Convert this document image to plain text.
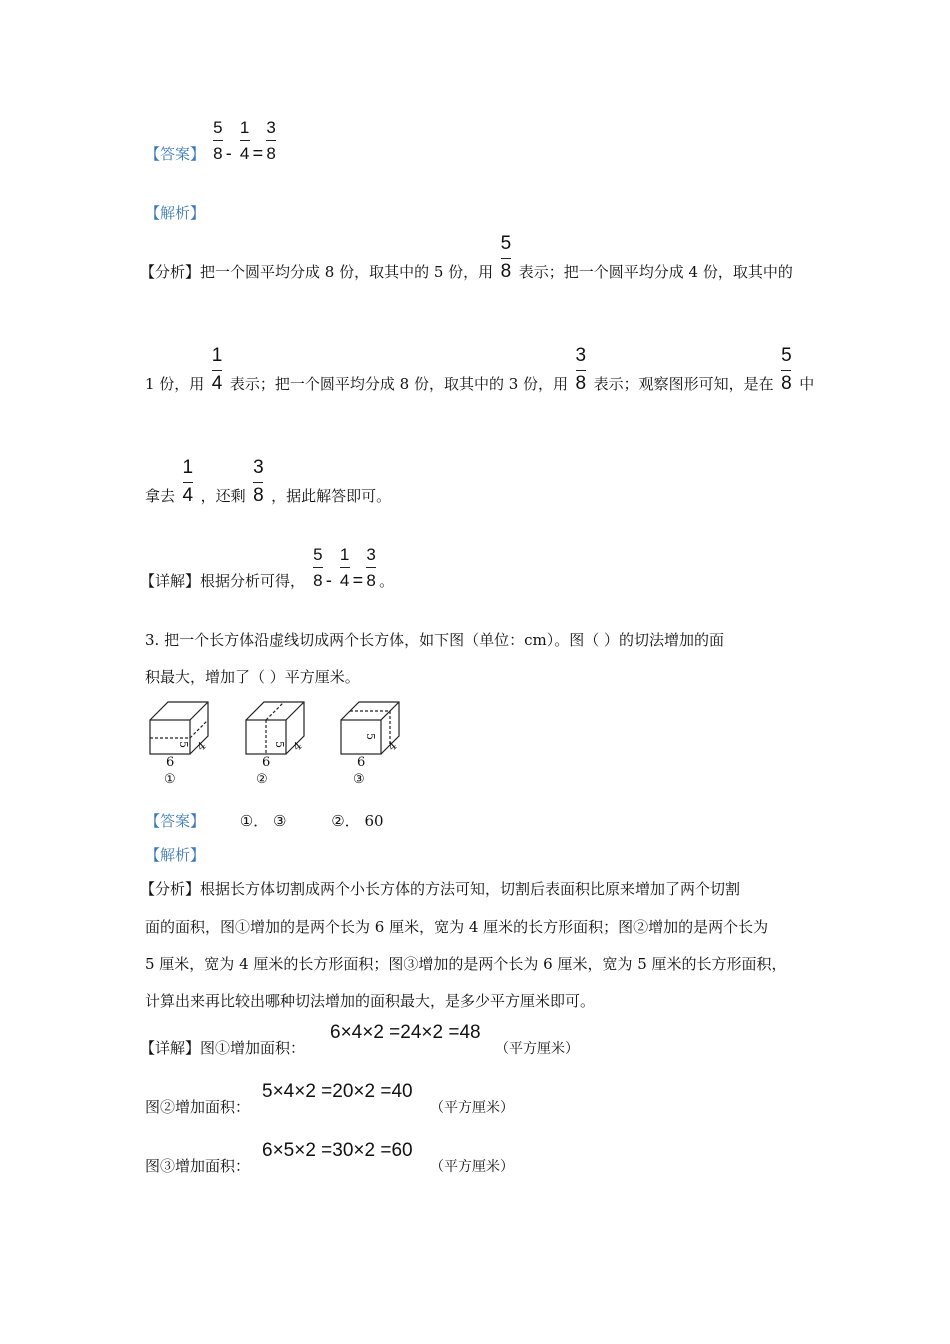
【答案】 $\frac{5}{8} - \frac{1}{4} = \frac{3}{8}$
【解析】
【分析】把一个圆平均分成 8 份，取其中的 5 份，用 $\frac{5}{8}$ 表示；把一个圆平均分成 4 份，取其中的
1 份，用 $\frac{1}{4}$ 表示；把一个圆平均分成 8 份，取其中的 3 份，用 $\frac{3}{8}$ 表示；观察图形可知，是在 $\frac{5}{8}$ 中
拿去 $\frac{1}{4}$ ，还剩 $\frac{3}{8}$ ，据此解答即可。
【详解】根据分析可得， $\frac{5}{8} - \frac{1}{4} = \frac{3}{8}$ 。
3. 把一个长方体沿虚线切成两个长方体，如下图（单位：cm）。图（ ）的切法增加的面
积最大，增加了（ ）平方厘米。
5 4
6
①
5 4
6
②
5
4
6
③
【答案】 ①． ③	②． 60
【解析】
【分析】根据长方体切割成两个小长方体的方法可知，切割后表面积比原来增加了两个切割
面的面积，图①增加的是两个长为 6 厘米，宽为 4 厘米的长方形面积；图②增加的是两个长为
5 厘米，宽为 4 厘米的长方形面积；图③增加的是两个长为 6 厘米，宽为 5 厘米的长方形面积，
计算出来再比较出哪种切法增加的面积最大，是多少平方厘米即可。
【详解】图①增加面积：
6×4×2 =24×2 =48
（平方厘米）
图②增加面积：
5×4×2 =20×2 =40
（平方厘米）
图③增加面积：
6×5×2 =30×2 =60
（平方厘米）
